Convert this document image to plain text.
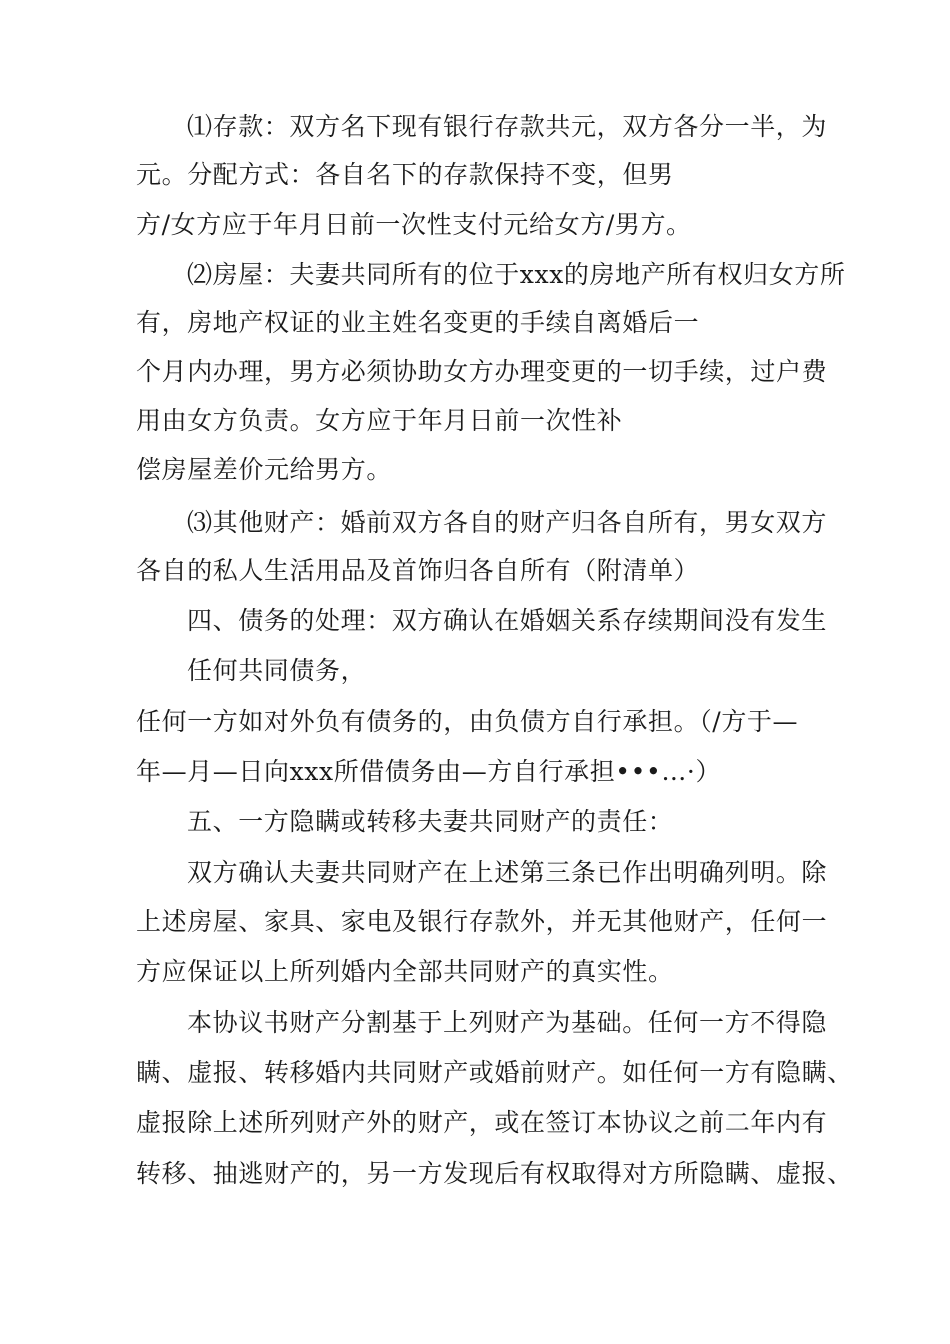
⑴存款：双方名下现有银行存款共元，双方各分一半，为
元。分配方式：各自名下的存款保持不变，但男
方/女方应于年月日前一次性支付元给女方/男方。
⑵房屋：夫妻共同所有的位于xxx的房地产所有权归女方所
有，房地产权证的业主姓名变更的手续自离婚后一
个月内办理，男方必须协助女方办理变更的一切手续，过户费
用由女方负责。女方应于年月日前一次性补
偿房屋差价元给男方。
⑶其他财产：婚前双方各自的财产归各自所有，男女双方
各自的私人生活用品及首饰归各自所有（附清单）
四、债务的处理：双方确认在婚姻关系存续期间没有发生
任何共同债务，
任何一方如对外负有债务的，由负债方自行承担。（/方于—
年—月—日向xxx所借债务由—方自行承担•••…·）
五、一方隐瞒或转移夫妻共同财产的责任：
双方确认夫妻共同财产在上述第三条已作出明确列明。除
上述房屋、家具、家电及银行存款外，并无其他财产，任何一
方应保证以上所列婚内全部共同财产的真实性。
本协议书财产分割基于上列财产为基础。任何一方不得隐
瞒、虚报、转移婚内共同财产或婚前财产。如任何一方有隐瞒、
虚报除上述所列财产外的财产，或在签订本协议之前二年内有
转移、抽逃财产的，另一方发现后有权取得对方所隐瞒、虚报、
